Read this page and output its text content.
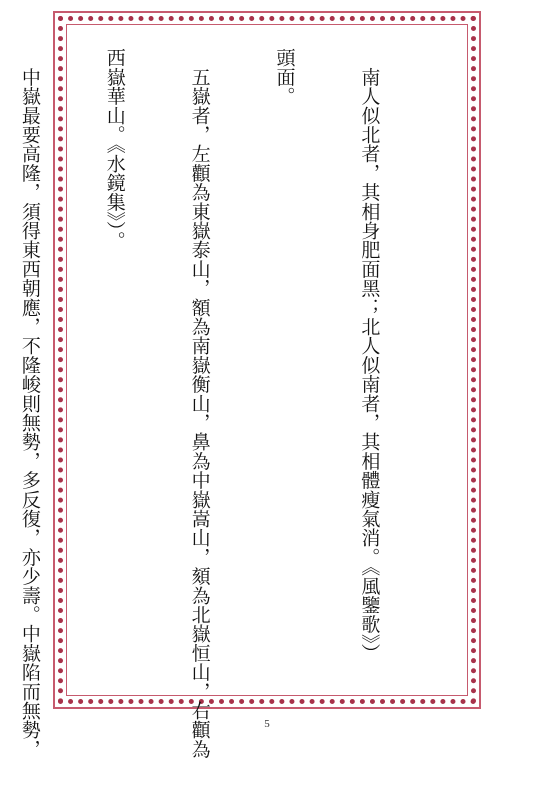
　南人似北者，其相身肥面黑；北人似南者，其相體瘦氣消。《風鑒歌》）

頭面。

　五嶽者，左顴為東嶽泰山，額為南嶽衡山，鼻為中嶽嵩山，頦為北嶽恒山，右顴為

西嶽華山。《水鏡集》）。

　中嶽最要高隆，須得東西朝應，不隆峻則無勢，多反復，亦少壽。中嶽陷而無勢，

	5
